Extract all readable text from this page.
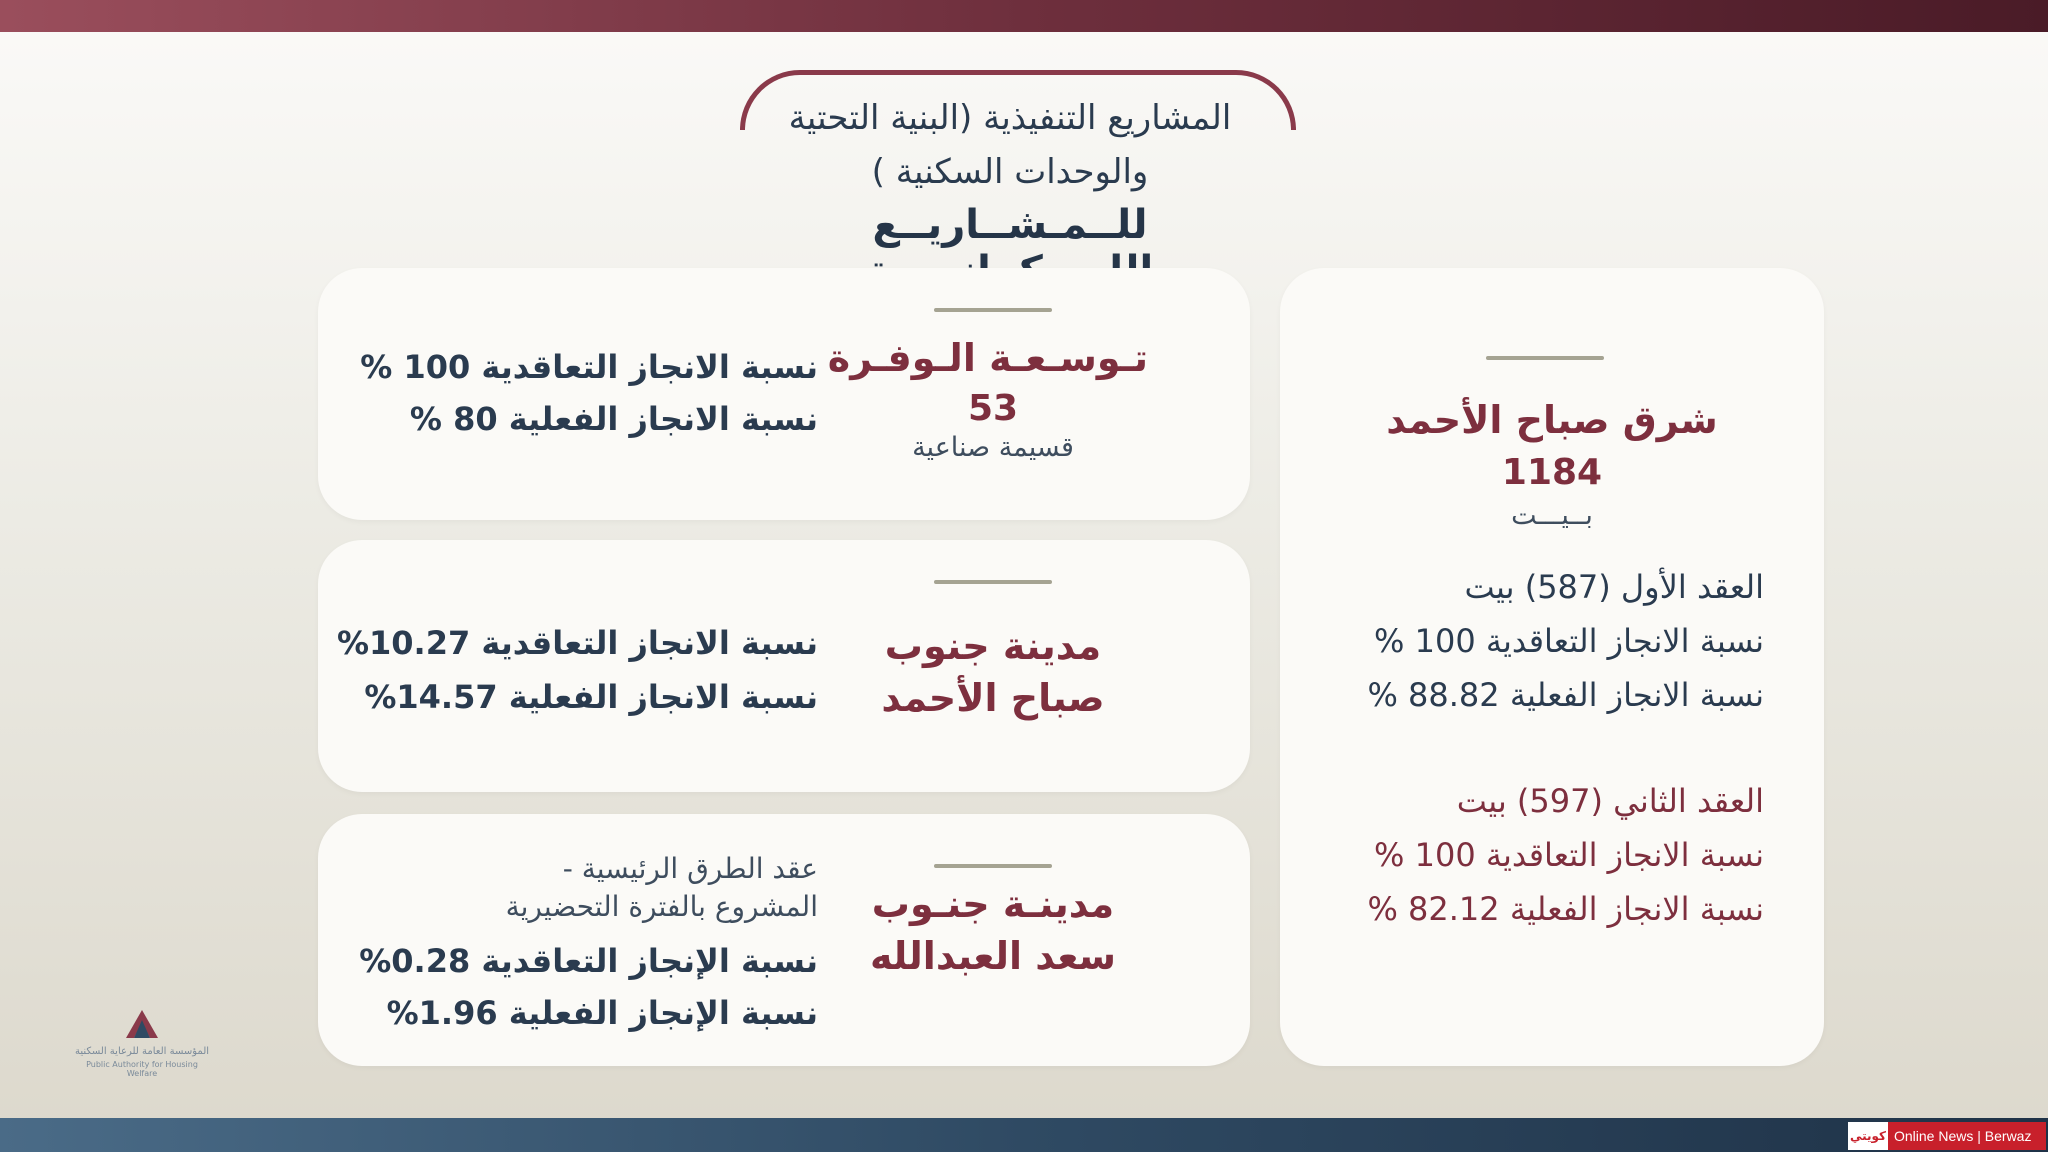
المشاريع التنفيذية (البنية التحتية
والوحدات السكنية )
للــمـشــاريــع
شرق صباح الأحمد
1184
بــيـــت
العقد الأول (587) بيت
نسبة الانجاز التعاقدية 100 %
نسبة الانجاز الفعلية 88.82 %
العقد الثاني (597) بيت
نسبة الانجاز التعاقدية 100 %
نسبة الانجاز الفعلية 82.12 %
تـوسـعـة الـوفـرة
53
قسيمة صناعية
نسبة الانجاز التعاقدية 100 %
نسبة الانجاز الفعلية 80 %
مدينة جنوب
صباح الأحمد
نسبة الانجاز التعاقدية 10.27%
نسبة الانجاز الفعلية 14.57%
مدينـة جنـوب
سعد العبدالله
عقد الطرق الرئيسية -
المشروع بالفترة التحضيرية
نسبة الإنجاز التعاقدية 0.28%
نسبة الإنجاز الفعلية 1.96%
المؤسسة العامة للرعاية السكنية
Public Authority for Housing Welfare
كويتي Online News | Berwaz
